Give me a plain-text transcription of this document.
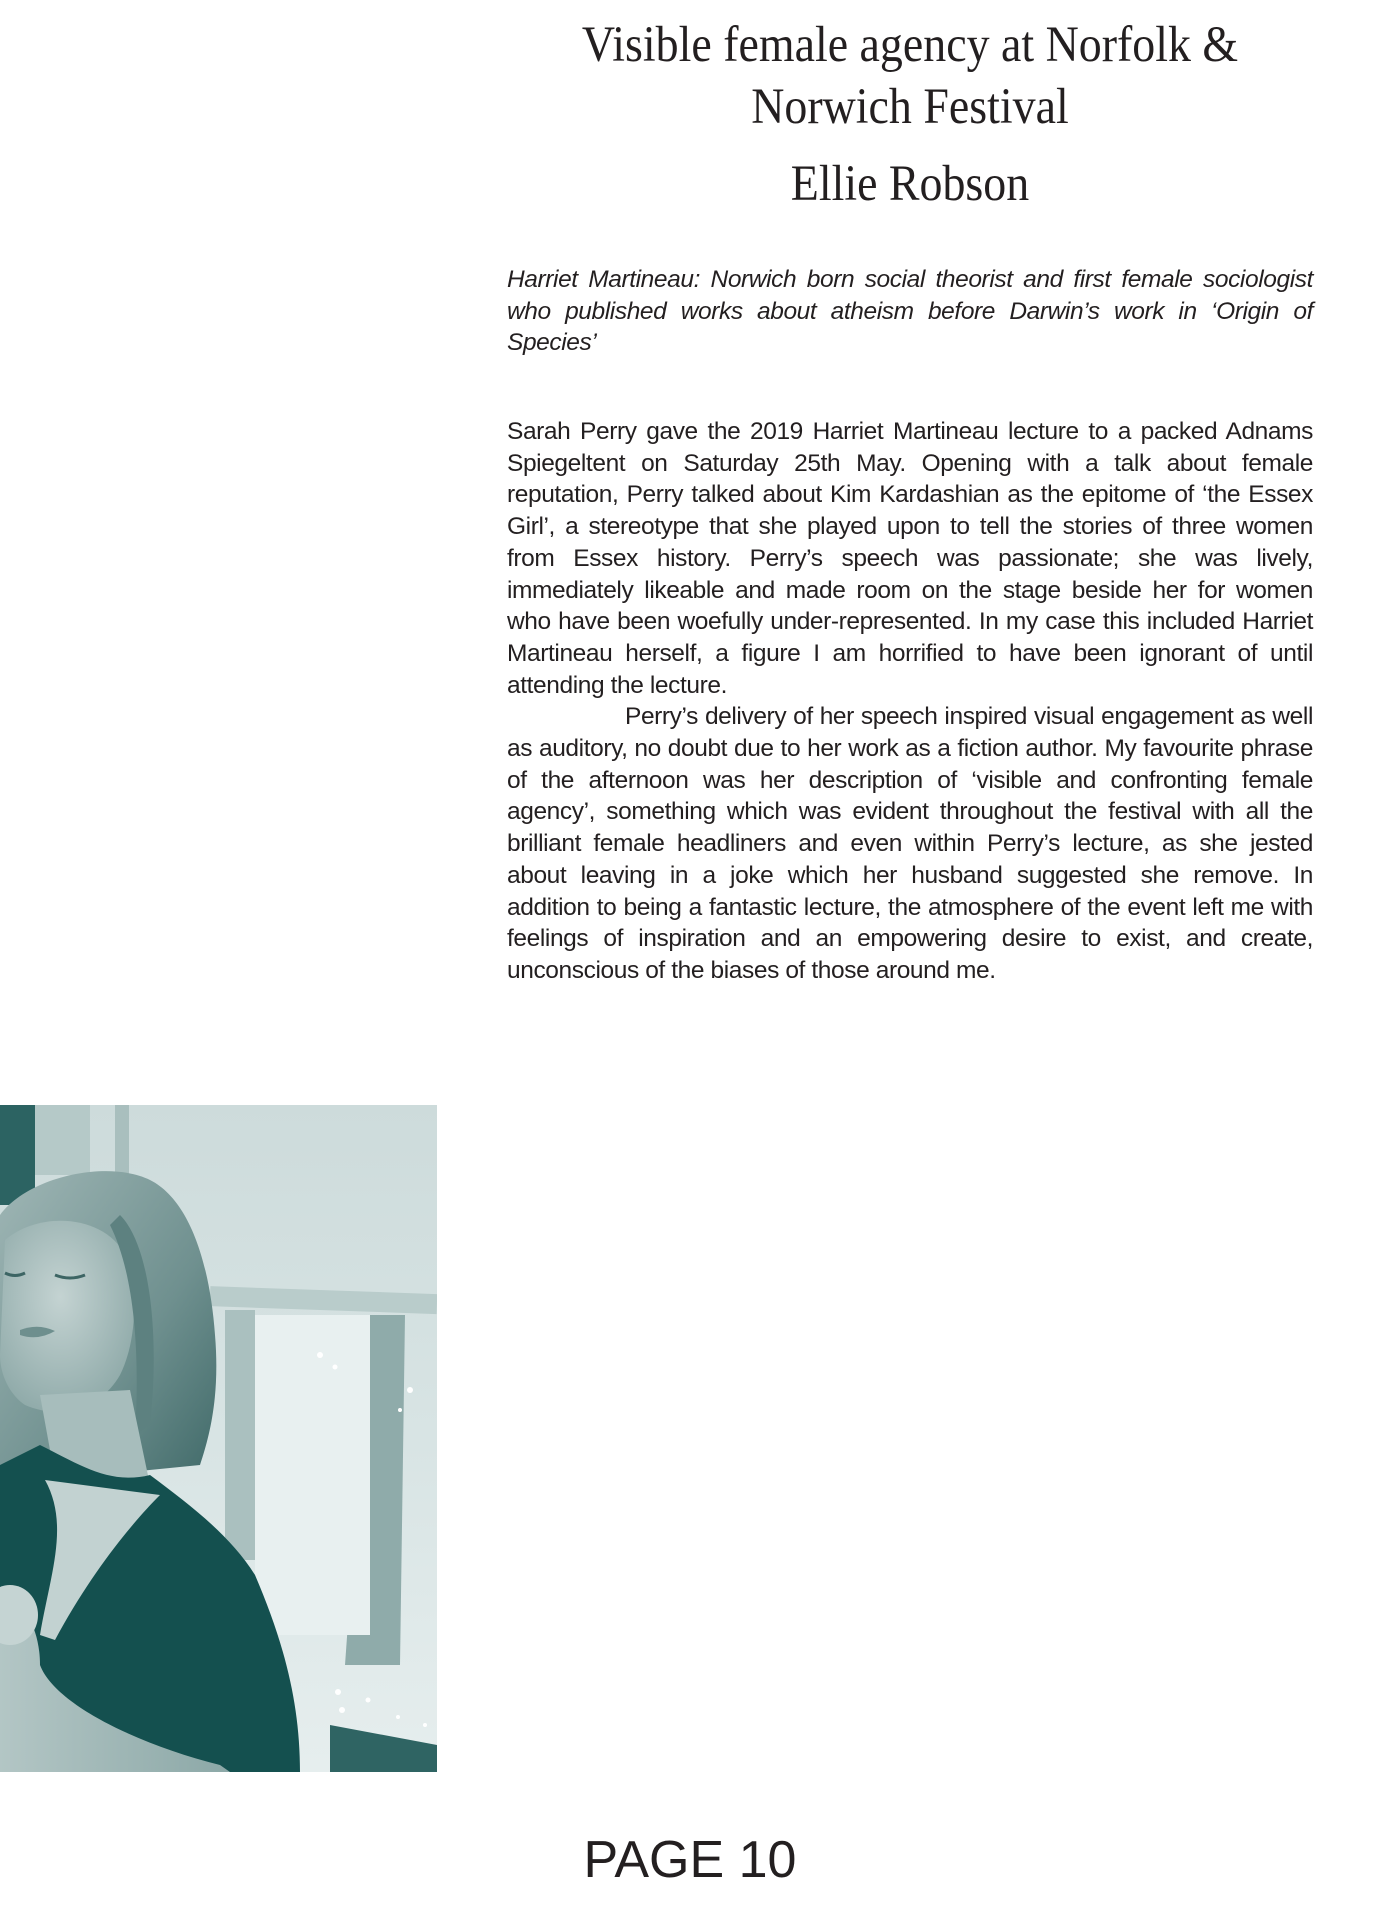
Visible female agency at Norfolk &
Norwich Festival
Ellie Robson

Harriet Martineau: Norwich born social theorist and first female sociologist who published works about atheism before Darwin’s work in ‘Origin of Species’

Sarah Perry gave the 2019 Harriet Martineau lecture to a packed Adnams Spiegeltent on Saturday 25th May. Opening with a talk about female reputation, Perry talked about Kim Kardashian as the epitome of ‘the Essex Girl’, a stereotype that she played upon to tell the stories of three women from Essex history. Perry’s speech was passionate; she was lively, immediately likeable and made room on the stage beside her for women who have been woefully under-represented. In my case this included Harriet Martineau herself, a figure I am horrified to have been ignorant of until attending the lecture.

Perry’s delivery of her speech inspired visual engagement as well as auditory, no doubt due to her work as a fiction author. My favourite phrase of the afternoon was her description of ‘visible and confronting female agency’, something which was evident throughout the festival with all the brilliant female headliners and even within Perry’s lecture, as she jested about leaving in a joke which her husband suggested she remove. In addition to being a fantastic lecture, the atmosphere of the event left me with feelings of inspiration and an empowering desire to exist, and create, unconscious of the biases of those around me.

PAGE 10
